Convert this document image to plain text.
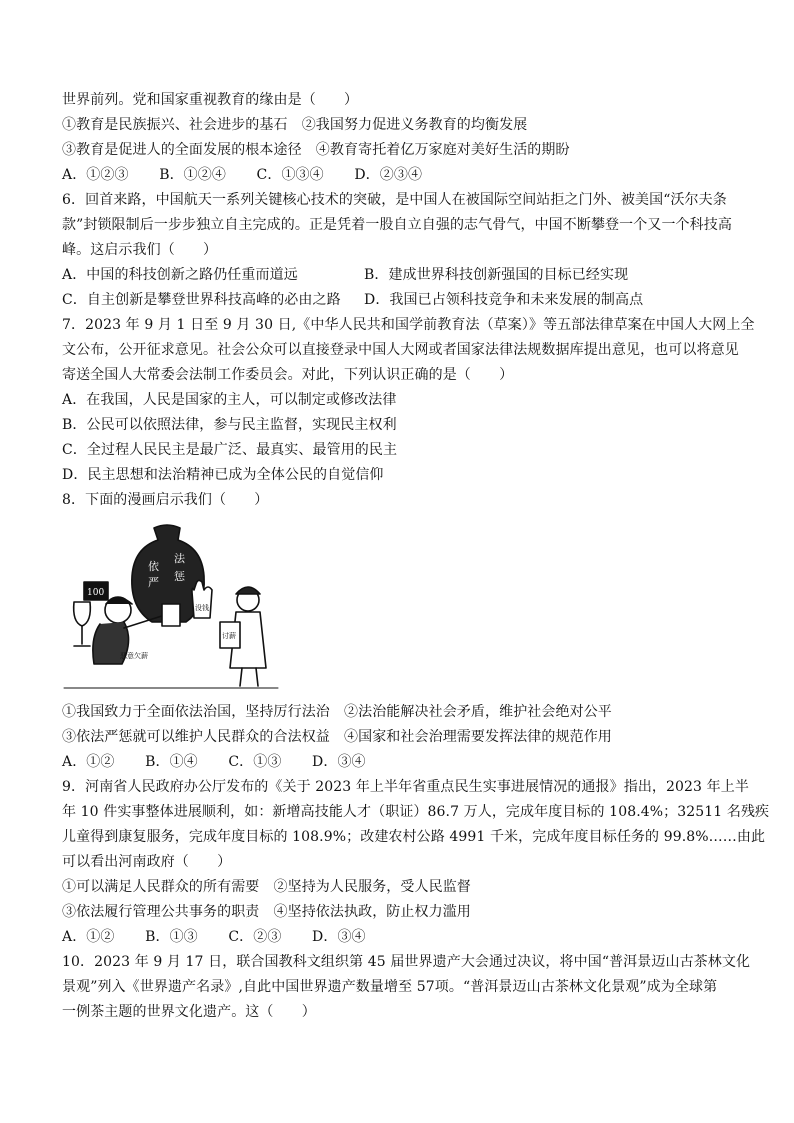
世界前列。党和国家重视教育的缘由是（　　）
①教育是民族振兴、社会进步的基石　②我国努力促进义务教育的均衡发展
③教育是促进人的全面发展的根本途径　④教育寄托着亿万家庭对美好生活的期盼
A．①②③ B．①②④ C．①③④ D．②③④
6．回首来路，中国航天一系列关键核心技术的突破，是中国人在被国际空间站拒之门外、被美国“沃尔夫条
款”封锁限制后一步步独立自主完成的。正是凭着一股自立自强的志气骨气，中国不断攀登一个又一个科技高
峰。这启示我们（　　）
A．中国的科技创新之路仍任重而道远	B．建成世界科技创新强国的目标已经实现
C．自主创新是攀登世界科技高峰的必由之路 D．我国已占领科技竞争和未来发展的制高点
7．2023 年 9 月 1 日至 9 月 30 日,《中华人民共和国学前教育法（草案）》等五部法律草案在中国人大网上全
文公布，公开征求意见。社会公众可以直接登录中国人大网或者国家法律法规数据库提出意见，也可以将意见
寄送全国人大常委会法制工作委员会。对此，下列认识正确的是（　　）
A．在我国，人民是国家的主人，可以制定或修改法律
B．公民可以依照法律，参与民主监督，实现民主权利
C．全过程人民民主是最广泛、最真实、最管用的民主
D．民主思想和法治精神已成为全体公民的自觉信仰
8．下面的漫画启示我们（　　）
依
法
严 惩
100
恶意欠薪
讨薪
没钱
①我国致力于全面依法治国，坚持厉行法治　②法治能解决社会矛盾，维护社会绝对公平
③依法严惩就可以维护人民群众的合法权益　④国家和社会治理需要发挥法律的规范作用
A．①② B．①④ C．①③ D．③④
9．河南省人民政府办公厅发布的《关于 2023 年上半年省重点民生实事进展情况的通报》指出，2023 年上半
年 10 件实事整体进展顺利，如：新增高技能人才（职证）86.7 万人，完成年度目标的 108.4%；32511 名残疾
儿童得到康复服务，完成年度目标的 108.9%；改建农村公路 4991 千米，完成年度目标任务的 99.8%……由此
可以看出河南政府（　　）
①可以满足人民群众的所有需要　②坚持为人民服务，受人民监督
③依法履行管理公共事务的职责　④坚持依法执政，防止权力滥用
A．①② B．①③ C．②③ D．③④
10．2023 年 9 月 17 日，联合国教科文组织第 45 届世界遗产大会通过决议，将中国“普洱景迈山古茶林文化
景观”列入《世界遗产名录》,自此中国世界遗产数量增至 57项。“普洱景迈山古茶林文化景观”成为全球第
一例茶主题的世界文化遗产。这（　　）
